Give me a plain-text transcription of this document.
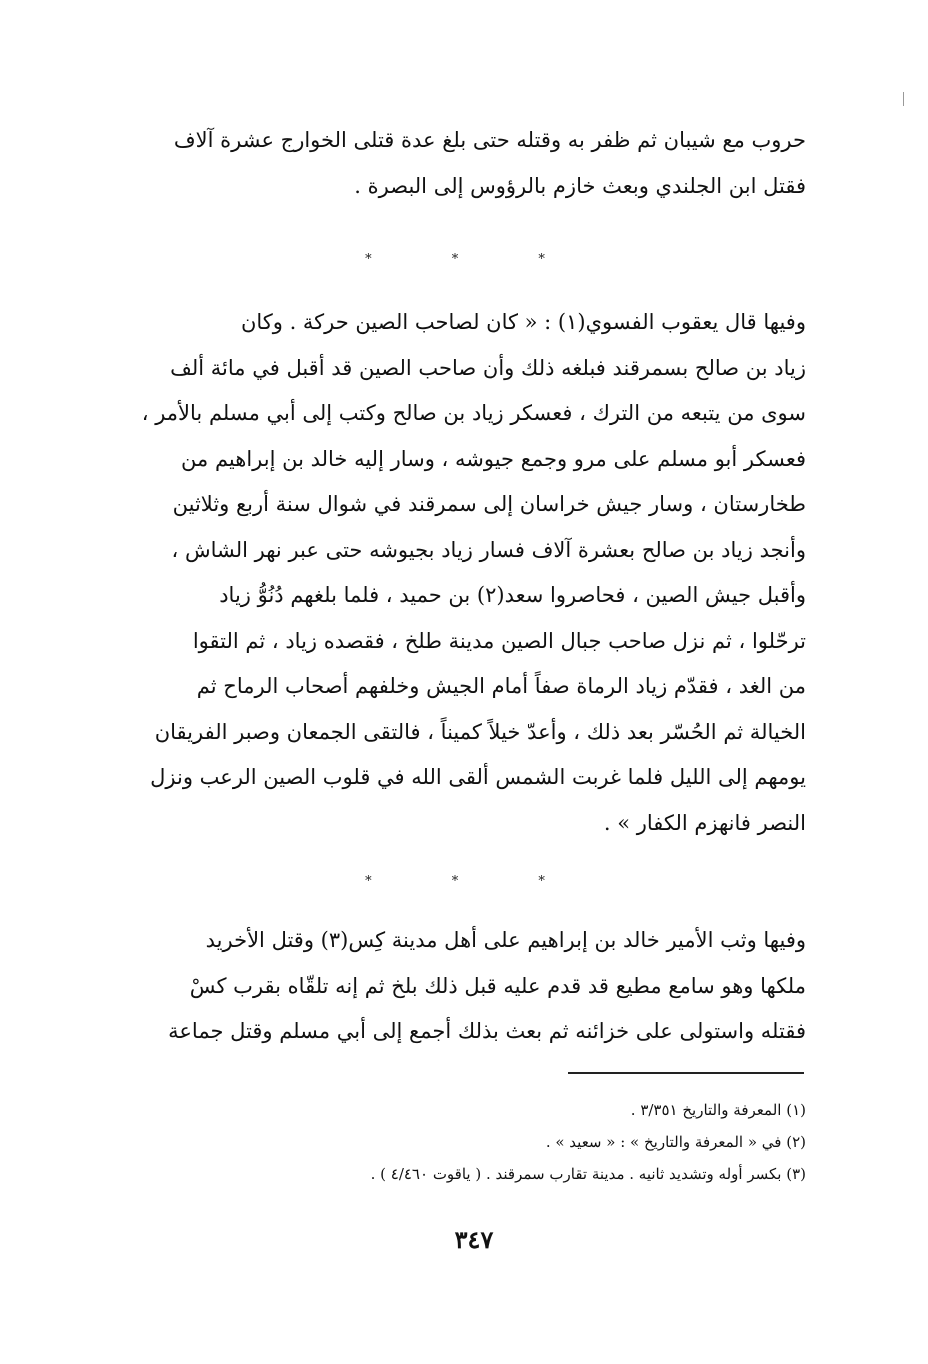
حروب مع شيبان ثم ظفر به وقتله حتى بلغ عدة قتلى الخوارج عشرة آلاف
فقتل ابن الجلندي وبعث خازم بالرؤوس إلى البصرة .
* * *
وفيها قال يعقوب الفسوي(١) : « كان لصاحب الصين حركة . وكان
زياد بن صالح بسمرقند فبلغه ذلك وأن صاحب الصين قد أقبل في مائة ألف
سوى من يتبعه من الترك ، فعسكر زياد بن صالح وكتب إلى أبي مسلم بالأمر ،
فعسكر أبو مسلم على مرو وجمع جيوشه ، وسار إليه خالد بن إبراهيم من
طخارستان ، وسار جيش خراسان إلى سمرقند في شوال سنة أربع وثلاثين
وأنجد زياد بن صالح بعشرة آلاف فسار زياد بجيوشه حتى عبر نهر الشاش ،
وأقبل جيش الصين ، فحاصروا سعد(٢) بن حميد ، فلما بلغهم دُنُوُّ زياد
ترحّلوا ، ثم نزل صاحب جبال الصين مدينة طلخ ، فقصده زياد ، ثم التقوا
من الغد ، فقدّم زياد الرماة صفاً أمام الجيش وخلفهم أصحاب الرماح ثم
الخيالة ثم الحُسّر بعد ذلك ، وأعدّ خيلاً كميناً ، فالتقى الجمعان وصبر الفريقان
يومهم إلى الليل فلما غربت الشمس ألقى الله في قلوب الصين الرعب ونزل
النصر فانهزم الكفار » .
* * *
وفيها وثب الأمير خالد بن إبراهيم على أهل مدينة كِس(٣) وقتل الأخريد
ملكها وهو سامع مطيع قد قدم عليه قبل ذلك بلخ ثم إنه تلقّاه بقرب كسْ
فقتله واستولى على خزائنه ثم بعث بذلك أجمع إلى أبي مسلم وقتل جماعة
(١) المعرفة والتاريخ ٣/٣٥١ .
(٢) في « المعرفة والتاريخ » : « سعيد » .
(٣) بكسر أوله وتشديد ثانيه . مدينة تقارب سمرقند . ( ياقوت ٤/٤٦٠ ) .
٣٤٧
